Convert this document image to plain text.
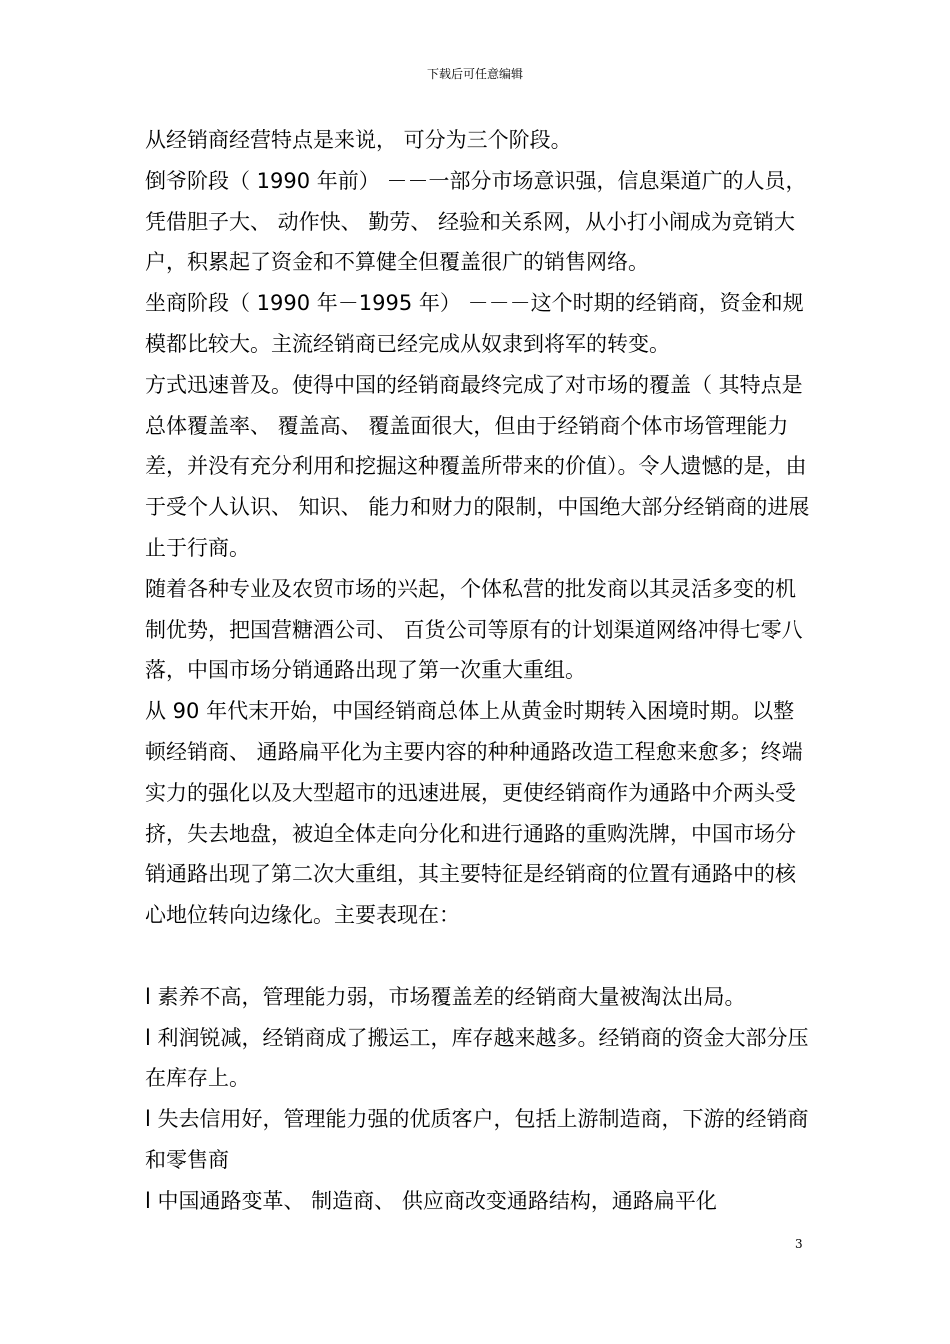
下载后可任意编辑

从经销商经营特点是来说， 可分为三个阶段。

倒爷阶段（ 1990 年前） －－一部分市场意识强，信息渠道广的人员，凭借胆子大、 动作快、 勤劳、 经验和关系网，从小打小闹成为竞销大户，积累起了资金和不算健全但覆盖很广的销售网络。

坐商阶段（ 1990 年－1995 年） －－－这个时期的经销商，资金和规模都比较大。主流经销商已经完成从奴隶到将军的转变。

方式迅速普及。使得中国的经销商最终完成了对市场的覆盖（ 其特点是总体覆盖率、 覆盖高、 覆盖面很大，但由于经销商个体市场管理能力差，并没有充分利用和挖掘这种覆盖所带来的价值）。令人遗憾的是，由于受个人认识、 知识、 能力和财力的限制，中国绝大部分经销商的进展止于行商。

随着各种专业及农贸市场的兴起，个体私营的批发商以其灵活多变的机制优势，把国营糖酒公司、 百货公司等原有的计划渠道网络冲得七零八落，中国市场分销通路出现了第一次重大重组。

从 90 年代末开始，中国经销商总体上从黄金时期转入困境时期。以整顿经销商、 通路扁平化为主要内容的种种通路改造工程愈来愈多；终端实力的强化以及大型超市的迅速进展，更使经销商作为通路中介两头受挤，失去地盘，被迫全体走向分化和进行通路的重购洗牌，中国市场分销通路出现了第二次大重组，其主要特征是经销商的位置有通路中的核心地位转向边缘化。主要表现在：

l 素养不高，管理能力弱，市场覆盖差的经销商大量被淘汰出局。

l 利润锐减，经销商成了搬运工，库存越来越多。经销商的资金大部分压在库存上。

l 失去信用好，管理能力强的优质客户，包括上游制造商，下游的经销商和零售商

l 中国通路变革、 制造商、 供应商改变通路结构，通路扁平化

3
